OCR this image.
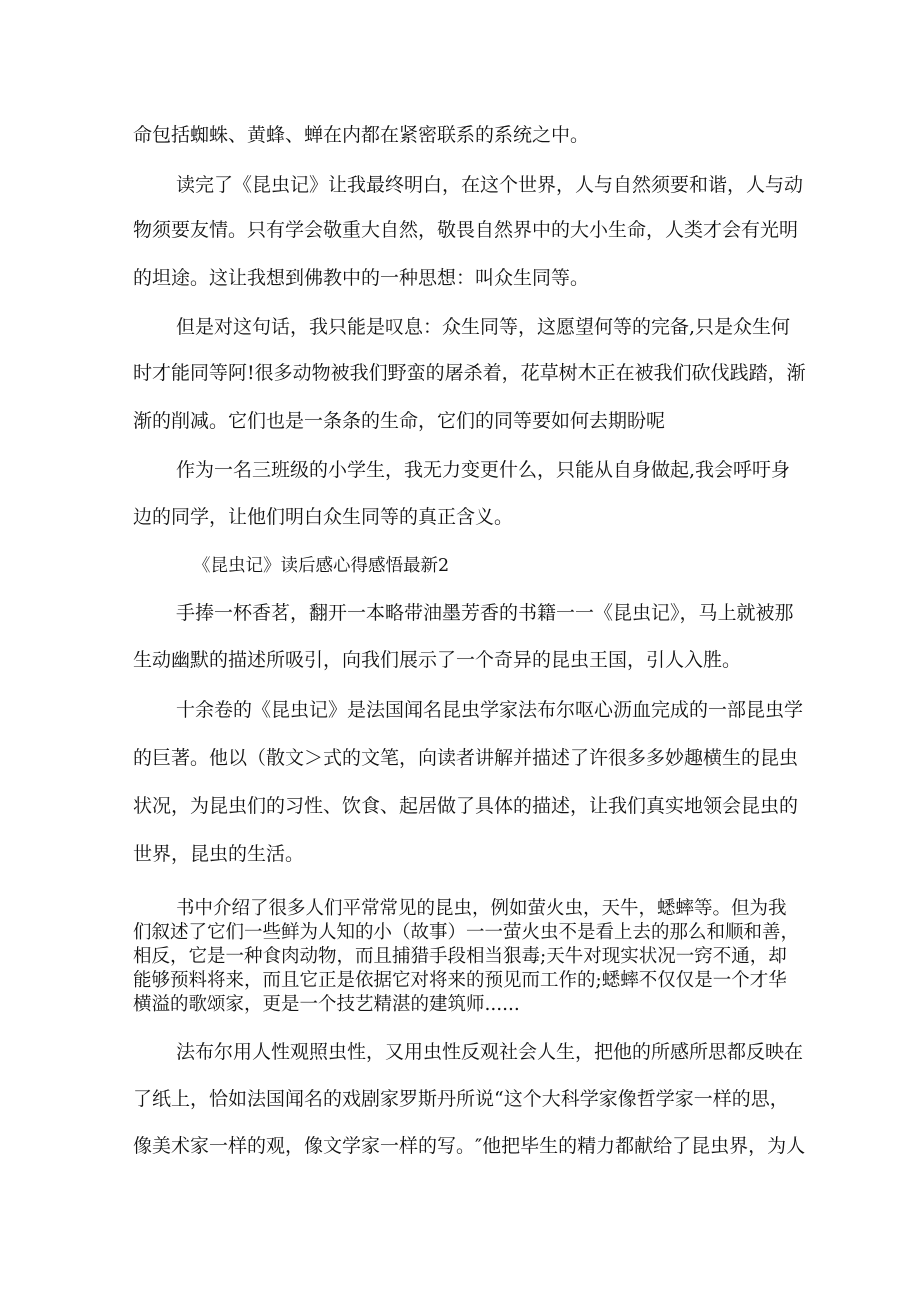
命包括蜘蛛、黄蜂、蝉在内都在紧密联系的系统之中。
读完了《昆虫记》让我最终明白，在这个世界，人与自然须要和谐，人与动
物须要友情。只有学会敬重大自然，敬畏自然界中的大小生命，人类才会有光明
的坦途。这让我想到佛教中的一种思想：叫众生同等。
但是对这句话，我只能是叹息：众生同等，这愿望何等的完备,只是众生何
时才能同等阿!很多动物被我们野蛮的屠杀着，花草树木正在被我们砍伐践踏，渐
渐的削减。它们也是一条条的生命，它们的同等要如何去期盼呢
作为一名三班级的小学生，我无力变更什么，只能从自身做起,我会呼吁身
边的同学，让他们明白众生同等的真正含义。
《昆虫记》读后感心得感悟最新2
手捧一杯香茗，翻开一本略带油墨芳香的书籍一一《昆虫记》，马上就被那
生动幽默的描述所吸引，向我们展示了一个奇异的昆虫王国，引人入胜。
十余卷的《昆虫记》是法国闻名昆虫学家法布尔呕心沥血完成的一部昆虫学
的巨著。他以（散文＞式的文笔，向读者讲解并描述了许很多多妙趣横生的昆虫
状况，为昆虫们的习性、饮食、起居做了具体的描述，让我们真实地领会昆虫的
世界，昆虫的生活。
书中介绍了很多人们平常常见的昆虫，例如萤火虫，天牛，蟋蟀等。但为我
们叙述了它们一些鲜为人知的小（故事）一一萤火虫不是看上去的那么和顺和善，
相反，它是一种食肉动物，而且捕猎手段相当狠毒;天牛对现实状况一窍不通，却
能够预料将来，而且它正是依据它对将来的预见而工作的;蟋蟀不仅仅是一个才华
横溢的歌颂家，更是一个技艺精湛的建筑师......
法布尔用人性观照虫性，又用虫性反观社会人生，把他的所感所思都反映在
了纸上，恰如法国闻名的戏剧家罗斯丹所说“这个大科学家像哲学家一样的思，
像美术家一样的观，像文学家一样的写。″他把毕生的精力都献给了昆虫界，为人
